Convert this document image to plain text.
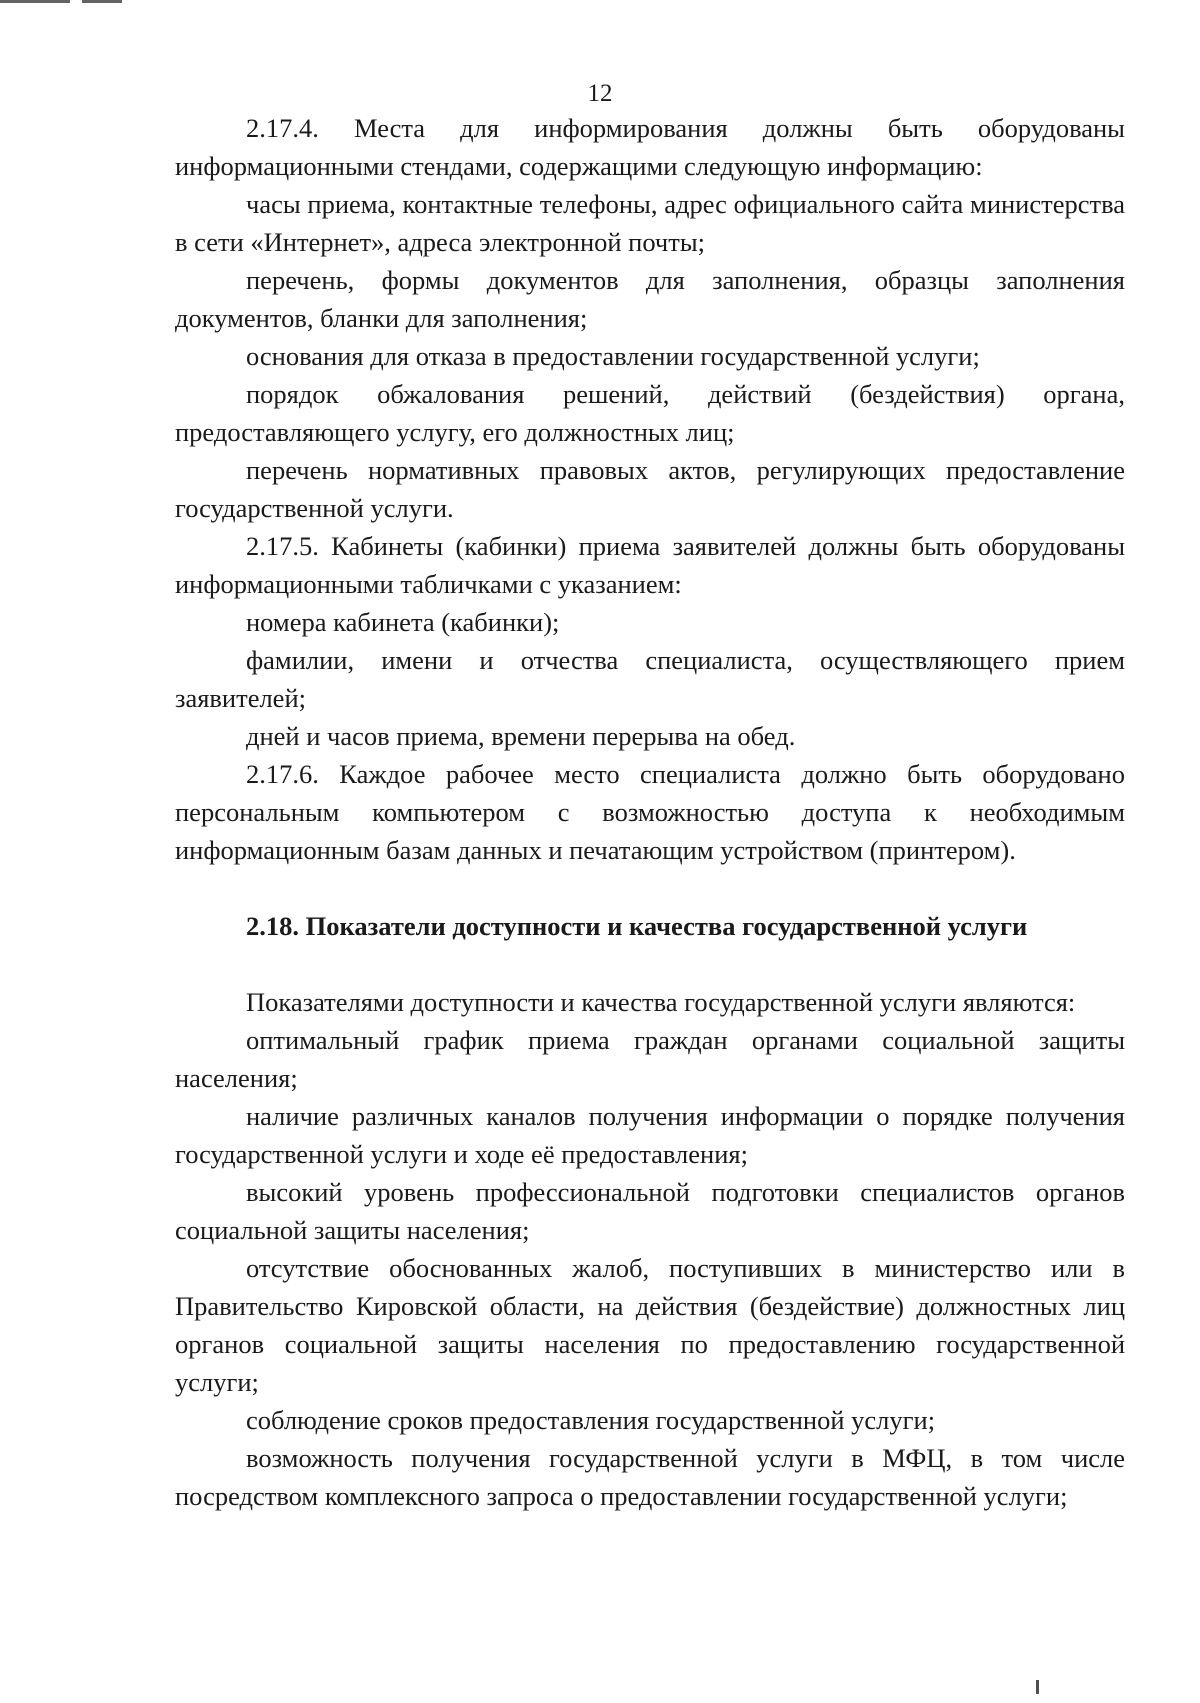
12

2.17.4. Места для информирования должны быть оборудованы информационными стендами, содержащими следующую информацию:

часы приема, контактные телефоны, адрес официального сайта министерства в сети «Интернет», адреса электронной почты;

перечень, формы документов для заполнения, образцы заполнения документов, бланки для заполнения;

основания для отказа в предоставлении государственной услуги;

порядок обжалования решений, действий (бездействия) органа, предоставляющего услугу, его должностных лиц;

перечень нормативных правовых актов, регулирующих предоставление государственной услуги.

2.17.5. Кабинеты (кабинки) приема заявителей должны быть оборудованы информационными табличками с указанием:

номера кабинета (кабинки);

фамилии, имени и отчества специалиста, осуществляющего прием заявителей;

дней и часов приема, времени перерыва на обед.

2.17.6. Каждое рабочее место специалиста должно быть оборудовано персональным компьютером с возможностью доступа к необходимым информационным базам данных и печатающим устройством (принтером).

2.18. Показатели доступности и качества государственной услуги

Показателями доступности и качества государственной услуги являются:

оптимальный график приема граждан органами социальной защиты населения;

наличие различных каналов получения информации о порядке получения государственной услуги и ходе её предоставления;

высокий уровень профессиональной подготовки специалистов органов социальной защиты населения;

отсутствие обоснованных жалоб, поступивших в министерство или в Правительство Кировской области, на действия (бездействие) должностных лиц органов социальной защиты населения по предоставлению государственной услуги;

соблюдение сроков предоставления государственной услуги;

возможность получения государственной услуги в МФЦ, в том числе посредством комплексного запроса о предоставлении государственной услуги;
